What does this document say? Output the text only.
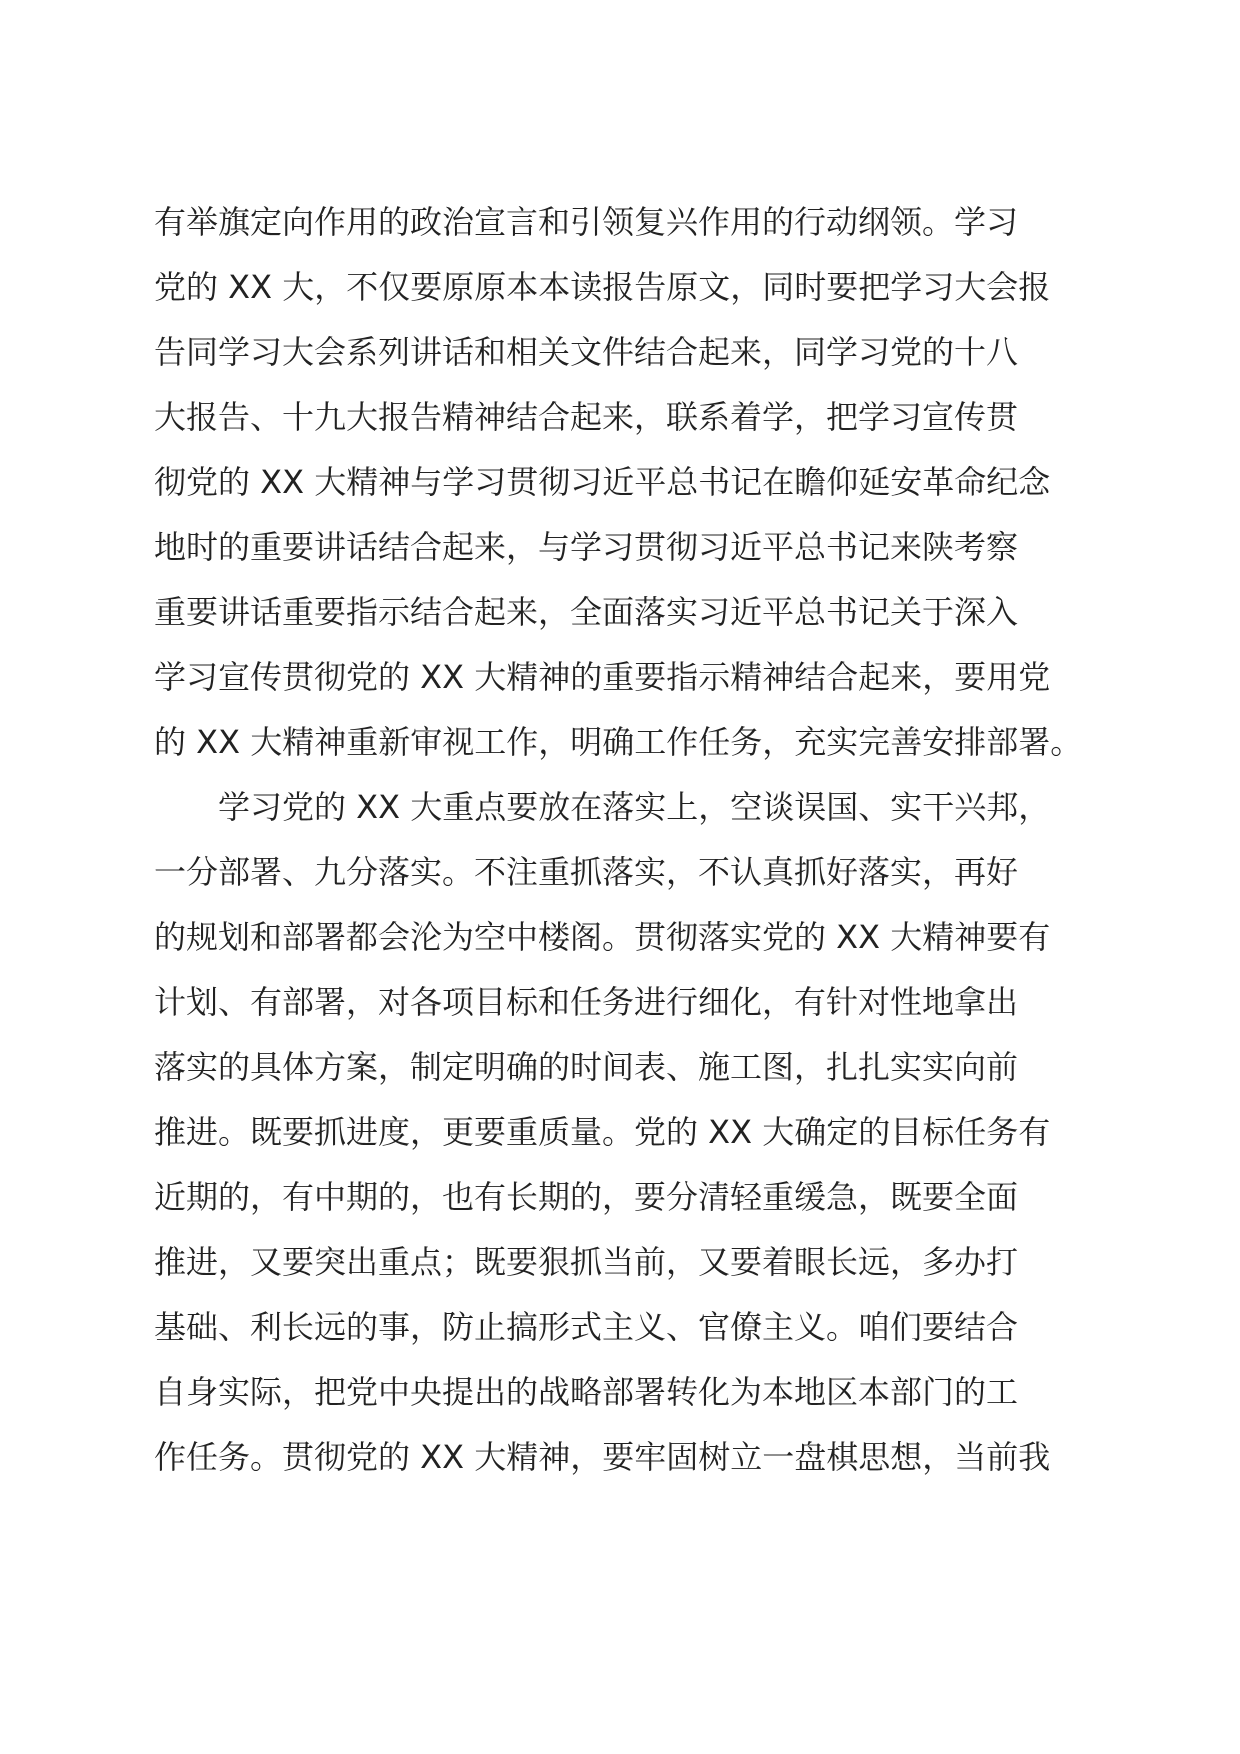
有举旗定向作用的政治宣言和引领复兴作用的行动纲领。学习
党的 XX 大，不仅要原原本本读报告原文，同时要把学习大会报
告同学习大会系列讲话和相关文件结合起来，同学习党的十八
大报告、十九大报告精神结合起来，联系着学，把学习宣传贯
彻党的 XX 大精神与学习贯彻习近平总书记在瞻仰延安革命纪念
地时的重要讲话结合起来，与学习贯彻习近平总书记来陕考察
重要讲话重要指示结合起来，全面落实习近平总书记关于深入
学习宣传贯彻党的 XX 大精神的重要指示精神结合起来，要用党
的 XX 大精神重新审视工作，明确工作任务，充实完善安排部署。
　　学习党的 XX 大重点要放在落实上，空谈误国、实干兴邦，
一分部署、九分落实。不注重抓落实，不认真抓好落实，再好
的规划和部署都会沦为空中楼阁。贯彻落实党的 XX 大精神要有
计划、有部署，对各项目标和任务进行细化，有针对性地拿出
落实的具体方案，制定明确的时间表、施工图，扎扎实实向前
推进。既要抓进度，更要重质量。党的 XX 大确定的目标任务有
近期的，有中期的，也有长期的，要分清轻重缓急，既要全面
推进，又要突出重点；既要狠抓当前，又要着眼长远，多办打
基础、利长远的事，防止搞形式主义、官僚主义。咱们要结合
自身实际，把党中央提出的战略部署转化为本地区本部门的工
作任务。贯彻党的 XX 大精神，要牢固树立一盘棋思想，当前我
